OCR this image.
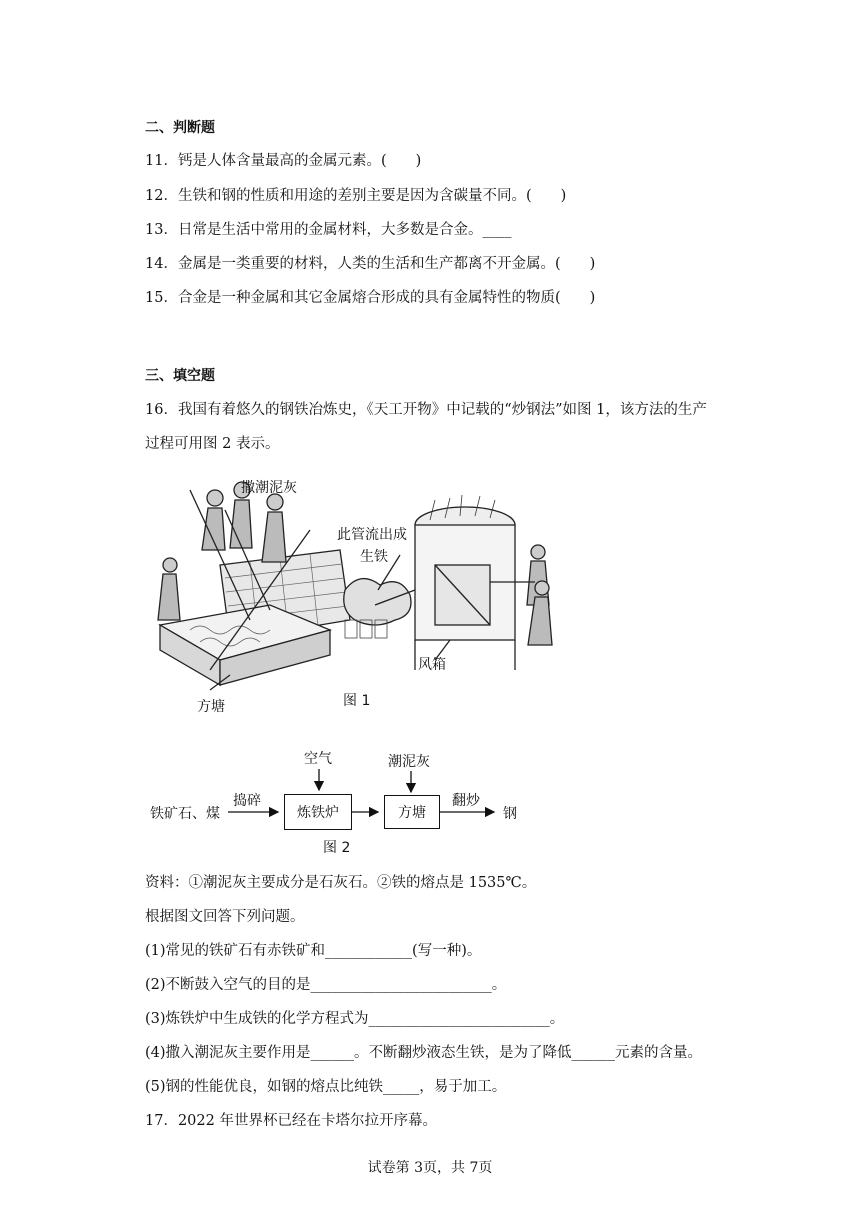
二、判断题
11．钙是人体含量最高的金属元素。(　　)
12．生铁和钢的性质和用途的差别主要是因为含碳量不同。(　　)
13．日常是生活中常用的金属材料，大多数是合金。____
14．金属是一类重要的材料，人类的生活和生产都离不开金属。(　　)
15．合金是一种金属和其它金属熔合形成的具有金属特性的物质(　　)
三、填空题
16．我国有着悠久的钢铁冶炼史，《天工开物》中记载的“炒钢法”如图 1，该方法的生产
过程可用图 2 表示。
撒潮泥灰
此管流出成
生铁
风箱
方塘	图 1
铁矿石、煤
捣碎
炼铁炉
空气	潮泥灰
方塘
翻炒
钢
图 2
资料：①潮泥灰主要成分是石灰石。②铁的熔点是 1535℃。
根据图文回答下列问题。
(1)常见的铁矿石有赤铁矿和____________(写一种)。
(2)不断鼓入空气的目的是_________________________。
(3)炼铁炉中生成铁的化学方程式为_________________________。
(4)撒入潮泥灰主要作用是______。不断翻炒液态生铁，是为了降低______元素的含量。
(5)钢的性能优良，如钢的熔点比纯铁_____，易于加工。
17．2022 年世界杯已经在卡塔尔拉开序幕。
试卷第 3页，共 7页
